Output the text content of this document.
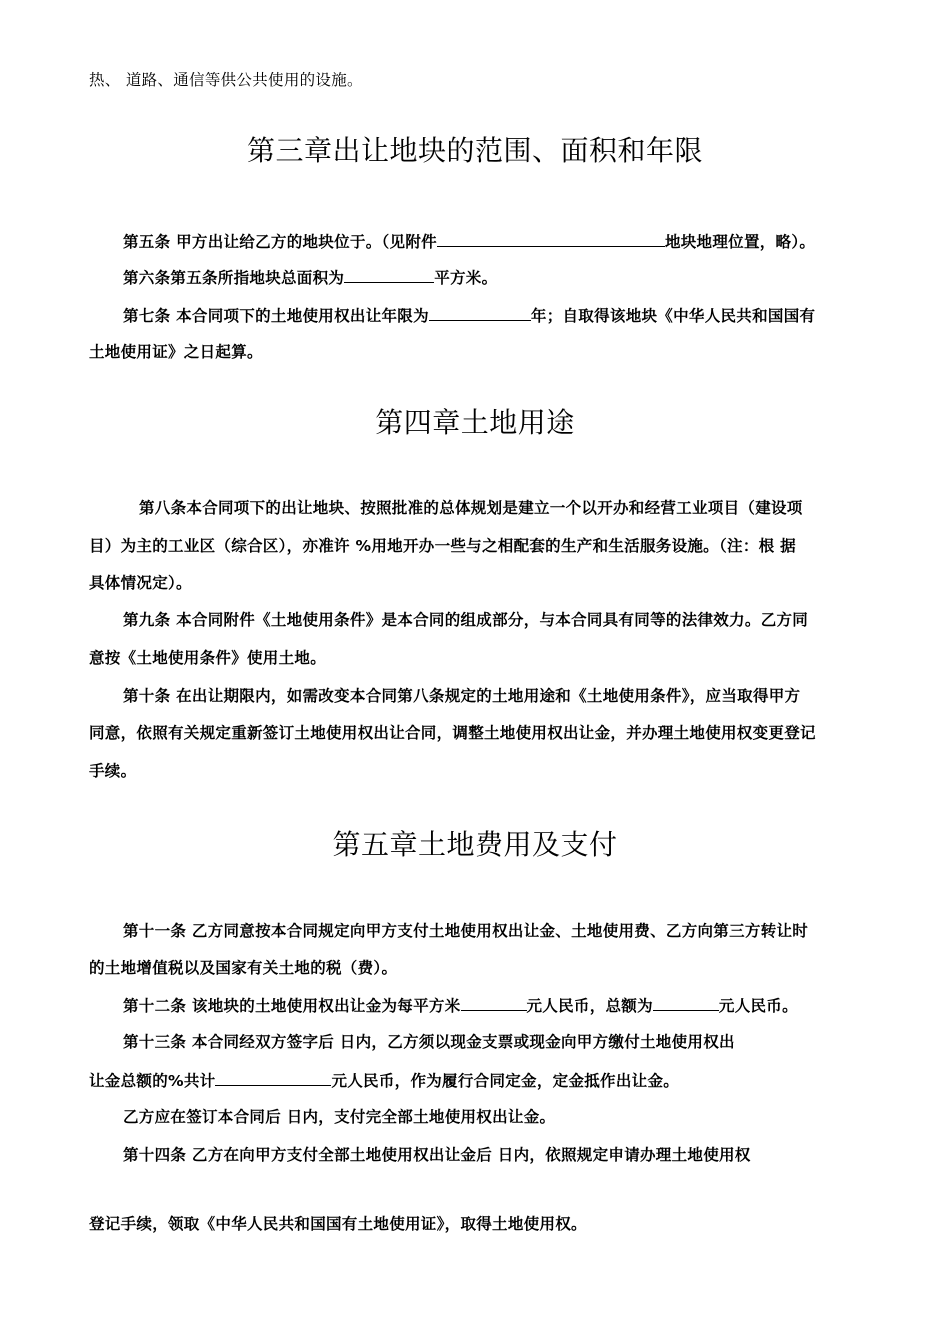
热、 道路、通信等供公共使用的设施。
第三章出让地块的范围、面积和年限
第五条 甲方出让给乙方的地块位于。（见附件	地块地理位置，略）。
第六条第五条所指地块总面积为	平方米。
第七条 本合同项下的土地使用权出让年限为	年；自取得该地块《中华人民共和国国有
土地使用证》之日起算。
第四章土地用途
第八条本合同项下的出让地块、按照批准的总体规划是建立一个以开办和经营工业项目（建设项
目）为主的工业区（综合区），亦准许 %用地开办一些与之相配套的生产和生活服务设施。（注：根 据
具体情况定）。
第九条 本合同附件《土地使用条件》是本合同的组成部分，与本合同具有同等的法律效力。乙方同
意按《土地使用条件》使用土地。
第十条 在出让期限内，如需改变本合同第八条规定的土地用途和《土地使用条件》，应当取得甲方
同意，依照有关规定重新签订土地使用权出让合同，调整土地使用权出让金，并办理土地使用权变更登记
手续。
第五章土地费用及支付
第十一条 乙方同意按本合同规定向甲方支付土地使用权出让金、土地使用费、乙方向第三方转让时
的土地增值税以及国家有关土地的税（费）。
第十二条 该地块的土地使用权出让金为每平方米	元人民币，总额为	元人民币。
第十三条 本合同经双方签字后 日内，乙方须以现金支票或现金向甲方缴付土地使用权出
让金总额的%共计	元人民币，作为履行合同定金，定金抵作出让金。
乙方应在签订本合同后 日内，支付完全部土地使用权出让金。
第十四条 乙方在向甲方支付全部土地使用权出让金后 日内，依照规定申请办理土地使用权
登记手续，领取《中华人民共和国国有土地使用证》，取得土地使用权。
